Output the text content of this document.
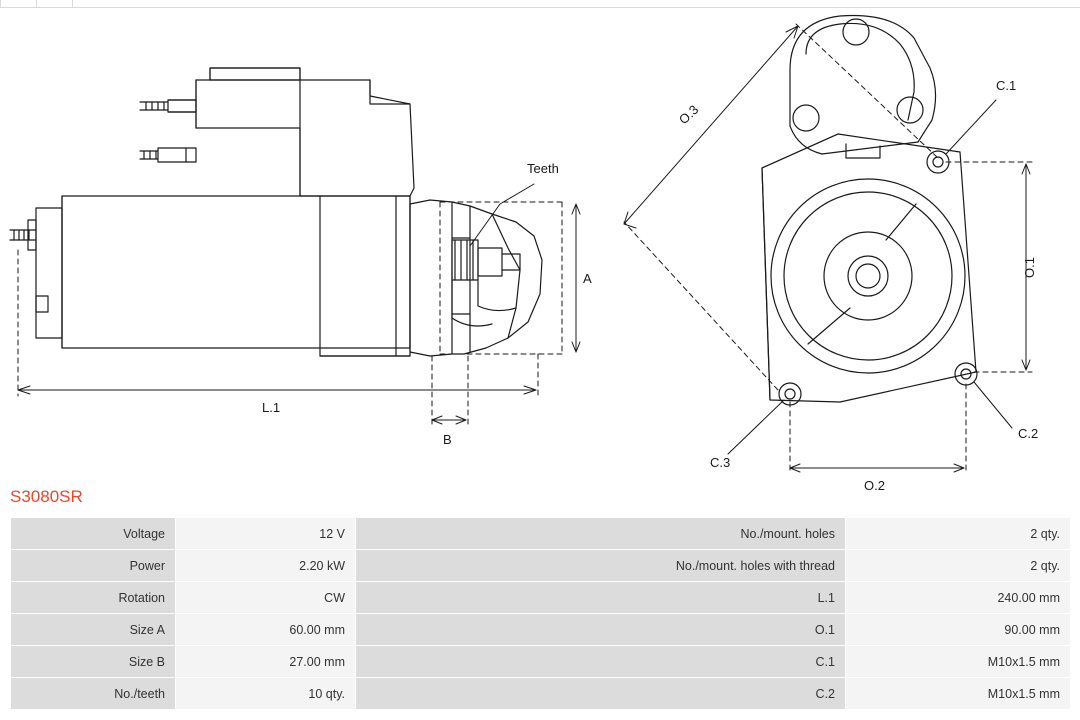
Teeth
A
L.1
B
C.1
C.2
C.3
O.1
O.2
O.3
S3080SR
Voltage	12 V	No./mount. holes	2 qty.
Power	2.20 kW	No./mount. holes with thread	2 qty.
Rotation	CW	L.1	240.00 mm
Size A	60.00 mm	O.1	90.00 mm
Size B	27.00 mm	C.1	M10x1.5 mm
No./teeth	10 qty.	C.2	M10x1.5 mm
